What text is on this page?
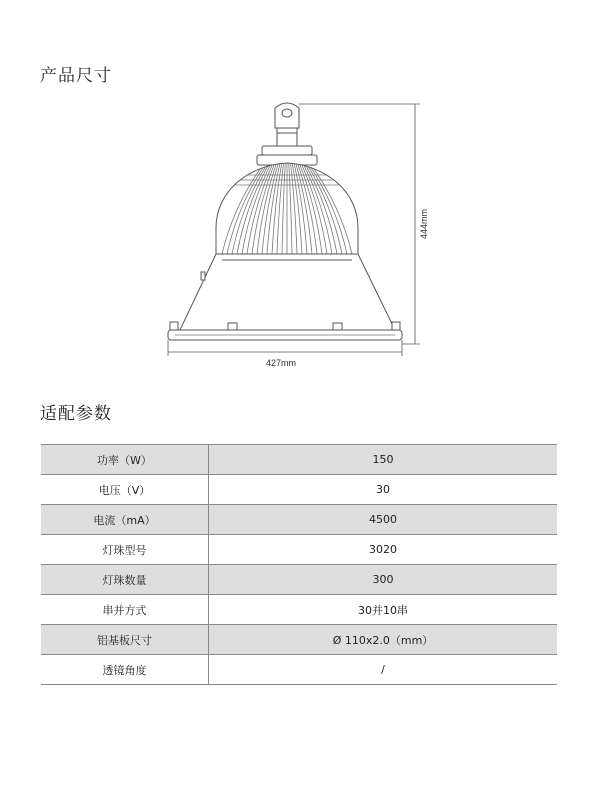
产品尺寸
444mm
427mm
适配参数
功率（W）	150
电压（V）	30
电流（mA）	4500
灯珠型号	3020
灯珠数量	300
串并方式	30并10串
铝基板尺寸	Ø 110x2.0（mm）
透镜角度	/
